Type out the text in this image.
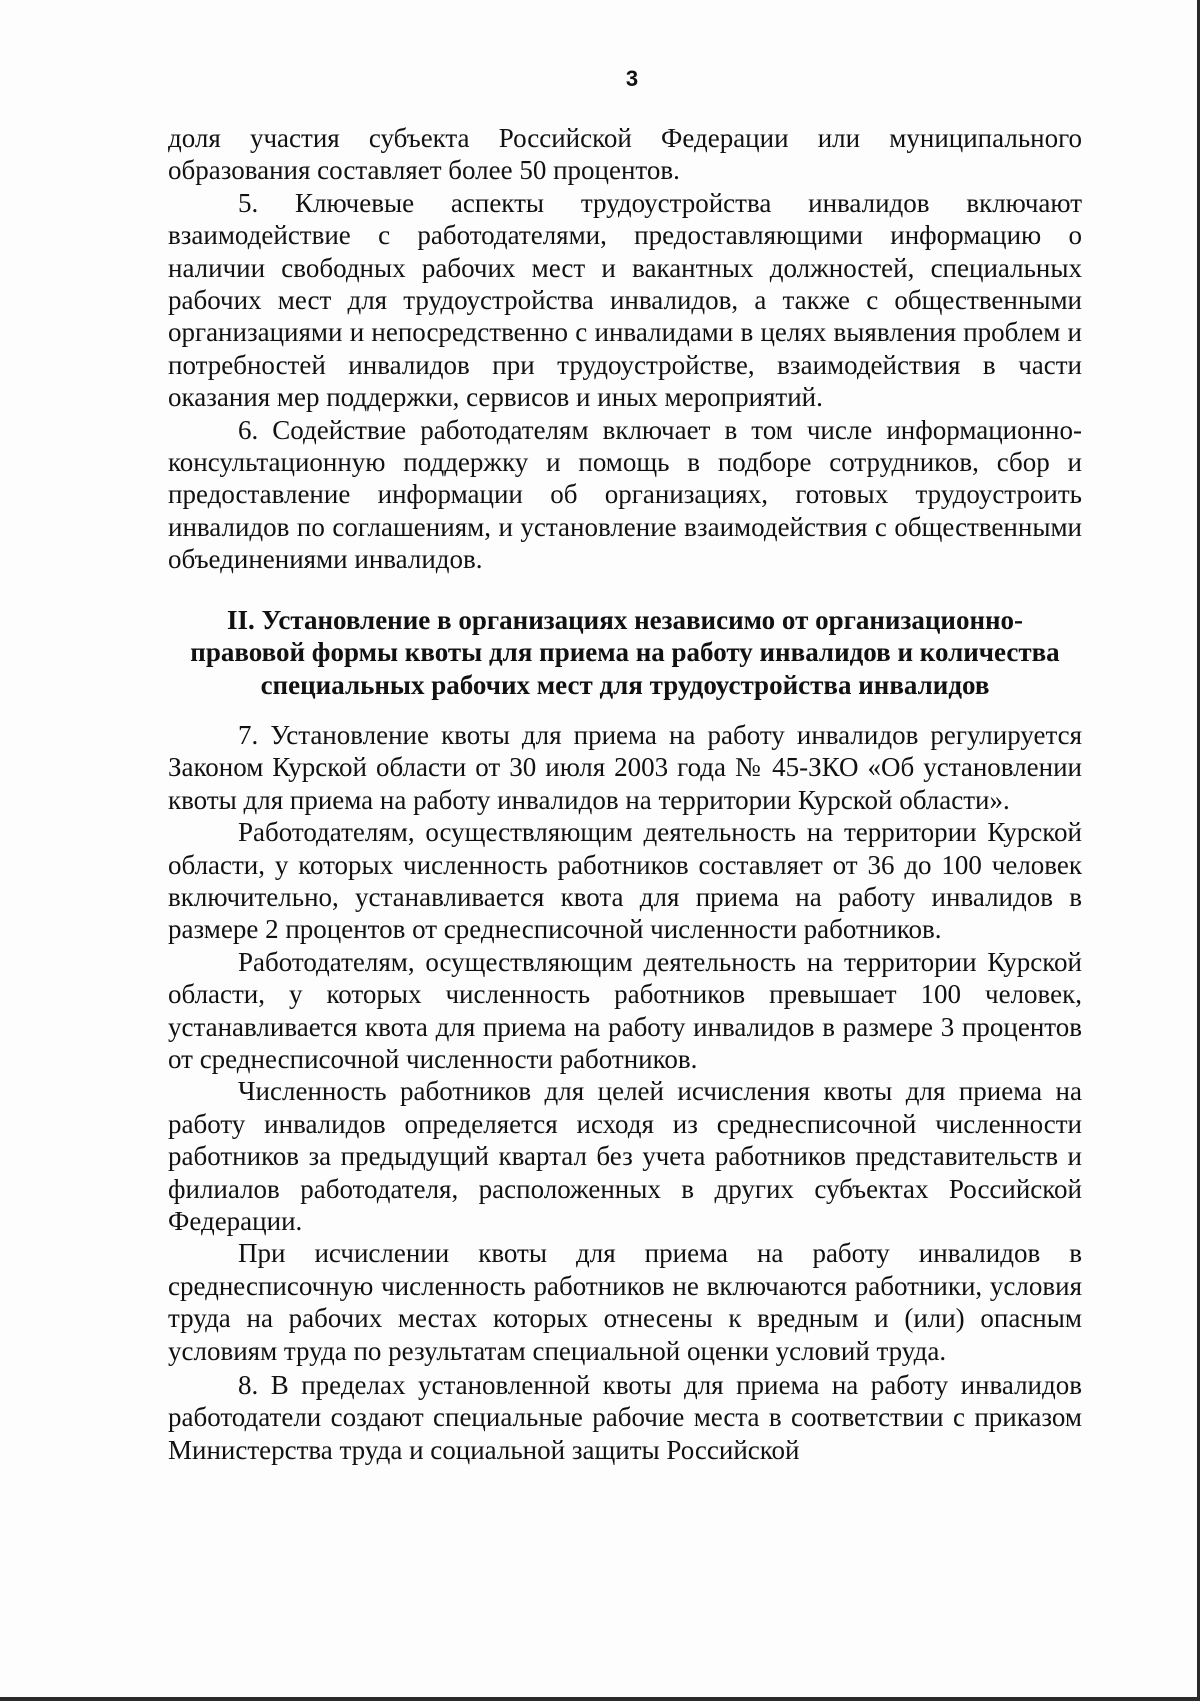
3

доля участия субъекта Российской Федерации или муниципального образования составляет более 50 процентов.

5. Ключевые аспекты трудоустройства инвалидов включают взаимодействие с работодателями, предоставляющими информацию о наличии свободных рабочих мест и вакантных должностей, специальных рабочих мест для трудоустройства инвалидов, а также с общественными организациями и непосредственно с инвалидами в целях выявления проблем и потребностей инвалидов при трудоустройстве, взаимодействия в части оказания мер поддержки, сервисов и иных мероприятий.

6. Содействие работодателям включает в том числе информационно-консультационную поддержку и помощь в подборе сотрудников, сбор и предоставление информации об организациях, готовых трудоустроить инвалидов по соглашениям, и установление взаимодействия с общественными объединениями инвалидов.

II. Установление в организациях независимо от организационно-правовой формы квоты для приема на работу инвалидов и количества специальных рабочих мест для трудоустройства инвалидов

7. Установление квоты для приема на работу инвалидов регулируется Законом Курской области от 30 июля 2003 года № 45-ЗКО «Об установлении квоты для приема на работу инвалидов на территории Курской области».

Работодателям, осуществляющим деятельность на территории Курской области, у которых численность работников составляет от 36 до 100 человек включительно, устанавливается квота для приема на работу инвалидов в размере 2 процентов от среднесписочной численности работников.

Работодателям, осуществляющим деятельность на территории Курской области, у которых численность работников превышает 100 человек, устанавливается квота для приема на работу инвалидов в размере 3 процентов от среднесписочной численности работников.

Численность работников для целей исчисления квоты для приема на работу инвалидов определяется исходя из среднесписочной численности работников за предыдущий квартал без учета работников представительств и филиалов работодателя, расположенных в других субъектах Российской Федерации.

При исчислении квоты для приема на работу инвалидов в среднесписочную численность работников не включаются работники, условия труда на рабочих местах которых отнесены к вредным и (или) опасным условиям труда по результатам специальной оценки условий труда.

8. В пределах установленной квоты для приема на работу инвалидов работодатели создают специальные рабочие места в соответствии с приказом Министерства труда и социальной защиты Российской
